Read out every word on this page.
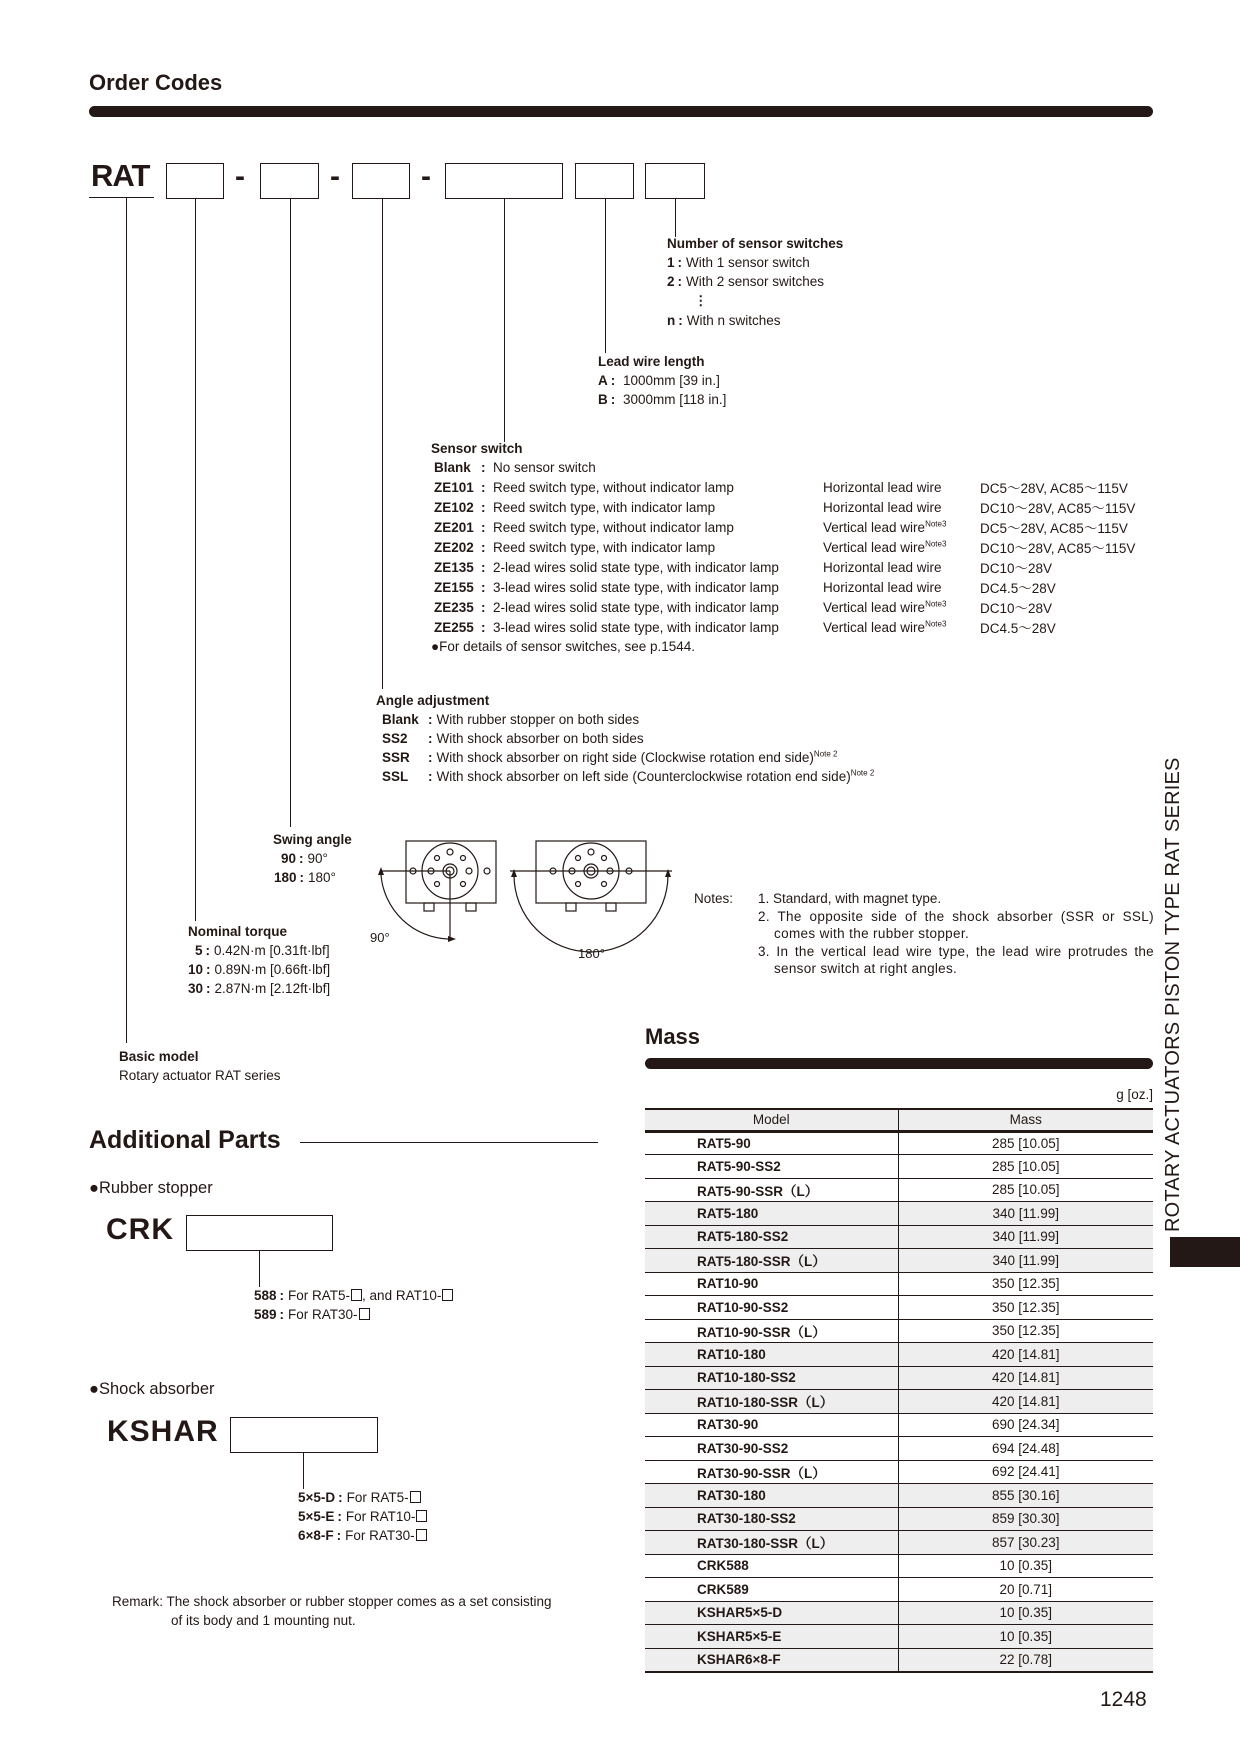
Order Codes
RAT	-	-	-
Number of sensor switches
1 : With 1 sensor switch
2 : With 2 sensor switches
⋮
n : With n switches
Lead wire length
A : 1000mm [39 in.]
B : 3000mm [118 in.]
Sensor switch
Blank	:	No sensor switch		
ZE101	:	Reed switch type, without indicator lamp	Horizontal lead wire	DC5～28V, AC85～115V
ZE102	:	Reed switch type, with indicator lamp	Horizontal lead wire	DC10～28V, AC85～115V
ZE201	:	Reed switch type, without indicator lamp	Vertical lead wire$^{Note3}$	DC5～28V, AC85～115V
ZE202	:	Reed switch type, with indicator lamp	Vertical lead wire$^{Note3}$	DC10～28V, AC85～115V
ZE135	:	2-lead wires solid state type, with indicator lamp	Horizontal lead wire	DC10～28V
ZE155	:	3-lead wires solid state type, with indicator lamp	Horizontal lead wire	DC4.5～28V
ZE235	:	2-lead wires solid state type, with indicator lamp	Vertical lead wire$^{Note3}$	DC10～28V
ZE255	:	3-lead wires solid state type, with indicator lamp	Vertical lead wire$^{Note3}$	DC4.5～28V
●For details of sensor switches, see p.1544.
Angle adjustment
Blank : With rubber stopper on both sides
SS2 : With shock absorber on both sides
SSR : With shock absorber on right side (Clockwise rotation end side)$^{Note 2}$
SSL : With shock absorber on left side (Counterclockwise rotation end side)$^{Note 2}$
Swing angle
90 : 90°
180 : 180°
90°
180°
Notes: 1. Standard, with magnet type.
2. The opposite side of the shock absorber (SSR or SSL) comes with the rubber stopper.
3. In the vertical lead wire type, the lead wire protrudes the sensor switch at right angles.
Nominal torque
5 : 0.42N·m [0.31ft·lbf]
10 : 0.89N·m [0.66ft·lbf]
30 : 2.87N·m [2.12ft·lbf]
Basic model
Rotary actuator RAT series
Additional Parts
●Rubber stopper
CRK
588 : For RAT5- , and RAT10-
589 : For RAT30-
●Shock absorber
KSHAR
5×5-D : For RAT5-
5×5-E : For RAT10-
6×8-F : For RAT30-
Remark: The shock absorber or rubber stopper comes as a set consisting
of its body and 1 mounting nut.
Mass
g [oz.]
Model	Mass
RAT5-90	285 [10.05]
RAT5-90-SS2	285 [10.05]
RAT5-90-SSR（L）	285 [10.05]
RAT5-180	340 [11.99]
RAT5-180-SS2	340 [11.99]
RAT5-180-SSR（L）	340 [11.99]
RAT10-90	350 [12.35]
RAT10-90-SS2	350 [12.35]
RAT10-90-SSR（L）	350 [12.35]
RAT10-180	420 [14.81]
RAT10-180-SS2	420 [14.81]
RAT10-180-SSR（L）	420 [14.81]
RAT30-90	690 [24.34]
RAT30-90-SS2	694 [24.48]
RAT30-90-SSR（L）	692 [24.41]
RAT30-180	855 [30.16]
RAT30-180-SS2	859 [30.30]
RAT30-180-SSR（L）	857 [30.23]
CRK588	10 [0.35]
CRK589	20 [0.71]
KSHAR5×5-D	10 [0.35]
KSHAR5×5-E	10 [0.35]
KSHAR6×8-F	22 [0.78]
ROTARY ACTUATORS PISTON TYPE RAT SERIES
1248
